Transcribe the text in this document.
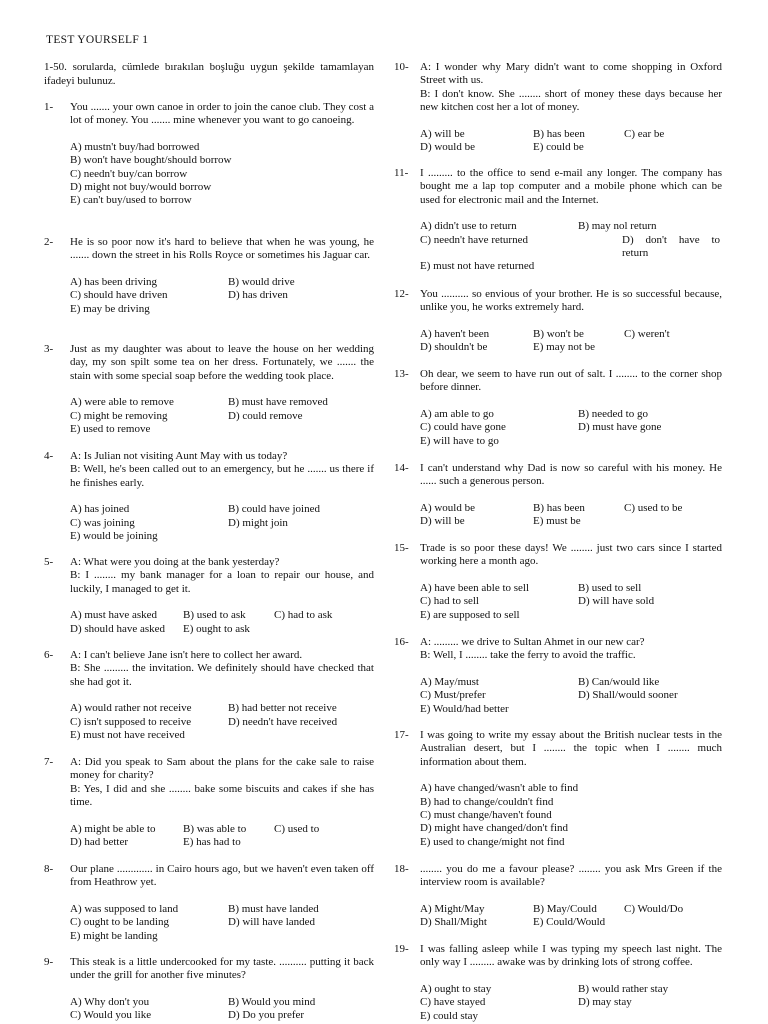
TEST YOURSELF 1
1-50. sorularda, cümlede bırakılan boşluğu uygun şekilde tamamlayan ifadeyi bulunuz.
1- You ....... your own canoe in order to join the canoe club. They cost a lot of money. You ....... mine whenever you want to go canoeing.
A) mustn't buy/had borrowed
B) won't have bought/should borrow
C) needn't buy/can borrow
D) might not buy/would borrow
E) can't buy/used to borrow
2- He is so poor now it's hard to believe that when he was young, he ....... down the street in his Rolls Royce or sometimes his Jaguar car.
A) has been driving	B) would drive
C) should have driven	D) has driven
E) may be driving
3- Just as my daughter was about to leave the house on her wedding day, my son spilt some tea on her dress. Fortunately, we ....... the stain with some special soap before the wedding took place.
A) were able to remove	B) must have removed
C) might be removing	D) could remove
E) used to remove
4- A: Is Julian not visiting Aunt May with us today?
B: Well, he's been called out to an emergency, but he ....... us there if he finishes early.
A) has joined	B) could have joined
C) was joining	D) might join
E) would be joining
5- A: What were you doing at the bank yesterday?
B: I ........ my bank manager for a loan to repair our house, and luckily, I managed to get it.
A) must have asked	B) used to ask	C) had to ask
D) should have asked	E) ought to ask
6- A: I can't believe Jane isn't here to collect her award.
B: She ......... the invitation. We definitely should have checked that she had got it.
A) would rather not receive	B) had better not receive
C) isn't supposed to receive	D) needn't have received
E) must not have received
7- A: Did you speak to Sam about the plans for the cake sale to raise money for charity?
B: Yes, I did and she ........ bake some biscuits and cakes if she has time.
A) might be able to	B) was able to	C) used to
D) had better	E) has had to
8- Our plane ............. in Cairo hours ago, but we haven't even taken off from Heathrow yet.
A) was supposed to land	B) must have landed
C) ought to be landing	D) will have landed
E) might be landing
9- This steak is a little undercooked for my taste. .......... putting it back under the grill for another five minutes?
A) Why don't you	B) Would you mind
C) Would you like	D) Do you prefer
10- A: I wonder why Mary didn't want to come shopping in Oxford Street with us.
B: I don't know. She ........ short of money these days because her new kitchen cost her a lot of money.
A) will be	B) has been	C) ear be
D) would be	E) could be
11- I ......... to the office to send e-mail any longer. The company has bought me a lap top computer and a mobile phone which can be used for electronic mail and the Internet.
A) didn't use to return	B) may nol return
C) needn't have returned	D) don't have to return
E) must not have returned
12- You .......... so envious of your brother. He is so successful because, unlike you, he works extremely hard.
A) haven't been	B) won't be	C) weren't
D) shouldn't be	E) may not be
13- Oh dear, we seem to have run out of salt. I ........ to the corner shop before dinner.
A) am able to go	B) needed to go
C) could have gone	D) must have gone
E) will have to go
14- I can't understand why Dad is now so careful with his money. He ...... such a generous person.
A) would be	B) has been	C) used to be
D) will be	E) must be
15- Trade is so poor these days! We ........ just two cars since I started working here a month ago.
A) have been able to sell	B) used to sell
C) had to sell	D) will have sold
E) are supposed to sell
16- A: ......... we drive to Sultan Ahmet in our new car?
B: Well, I ........ take the ferry to avoid the traffic.
A) May/must	B) Can/would like
C) Must/prefer	D) Shall/would sooner
E) Would/had better
17- I was going to write my essay about the British nuclear tests in the Australian desert, but I ........ the topic when I ........ much information about them.
A) have changed/wasn't able to find
B) had to change/couldn't find
C) must change/haven't found
D) might have changed/don't find
E) used to change/might not find
18- ........ you do me a favour please? ........ you ask Mrs Green if the interview room is available?
A) Might/May	B) May/Could	C) Would/Do
D) Shall/Might	E) Could/Would
19- I was falling asleep while I was typing my speech last night. The only way I ......... awake was by drinking lots of strong coffee.
A) ought to stay	B) would rather stay
C) have stayed	D) may stay
E) could stay
